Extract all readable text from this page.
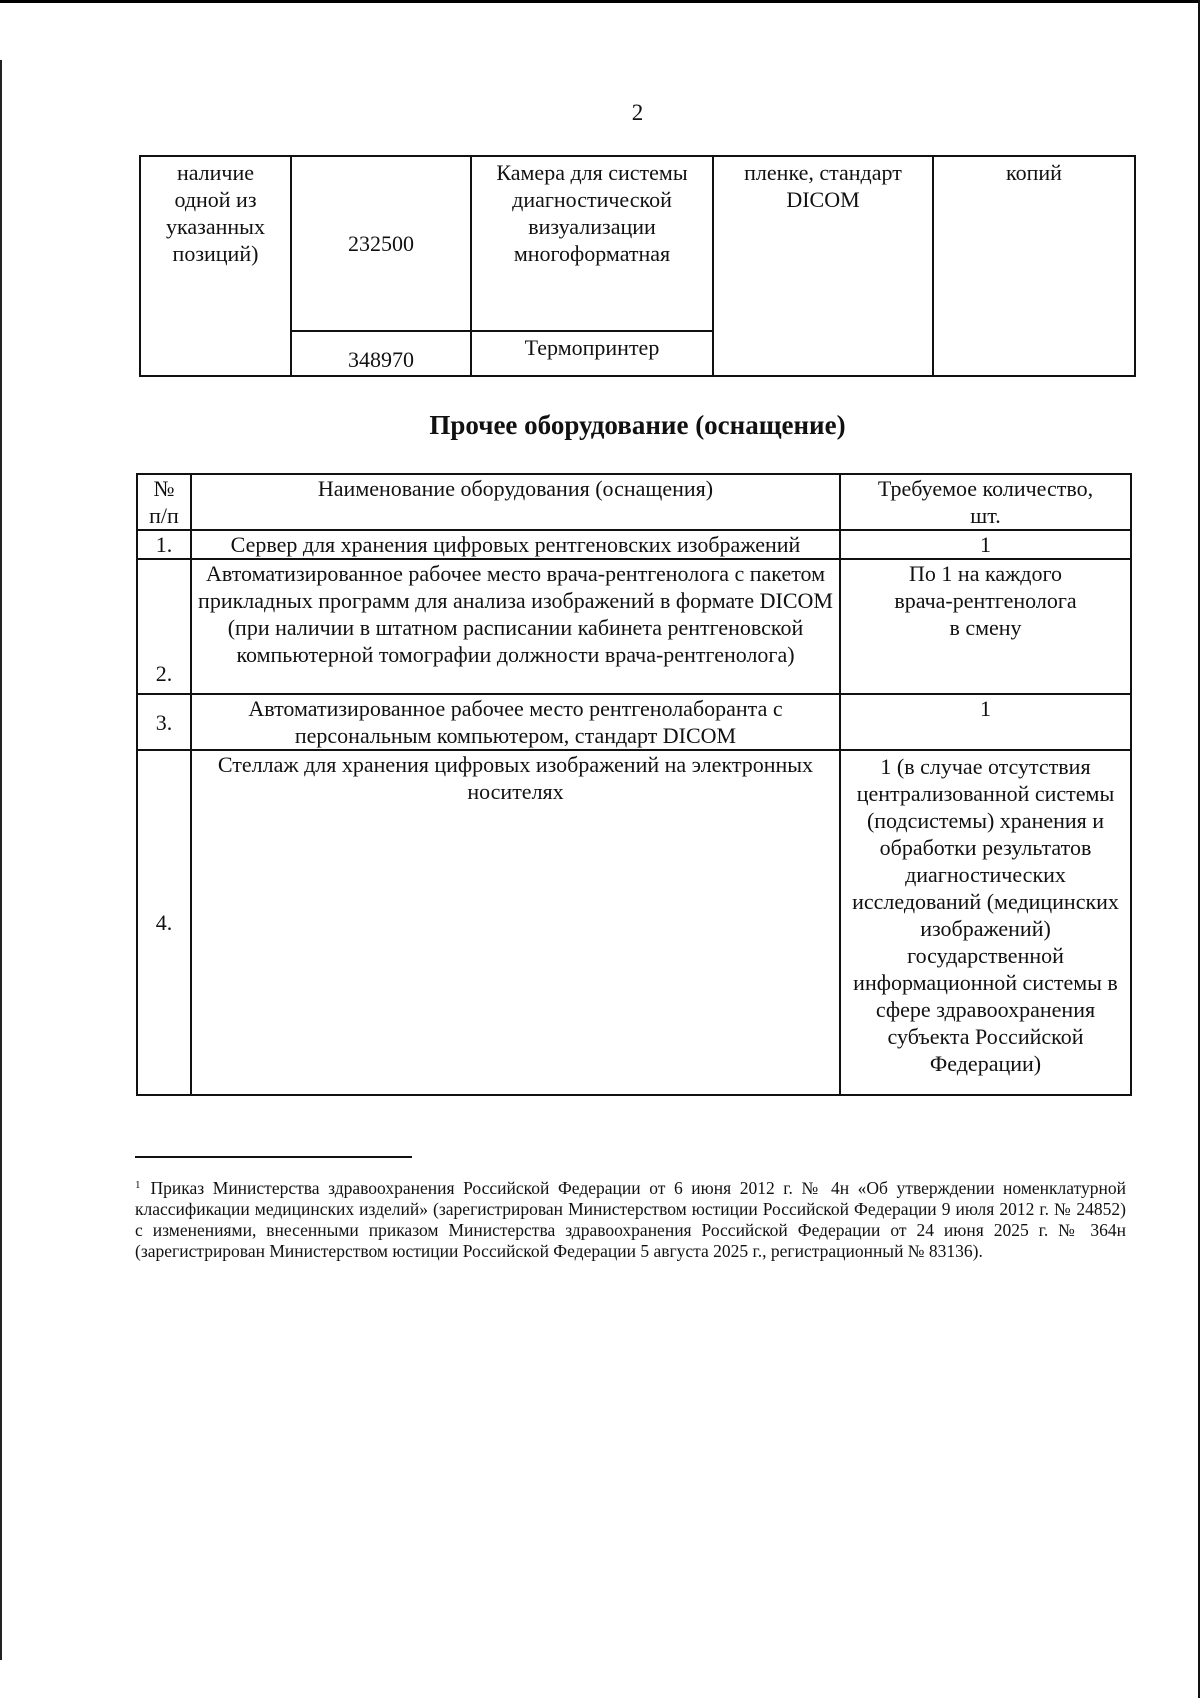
2
наличие одной из указанных позиций)	232500	Камера для системы диагностической визуализации многоформатная	пленке, стандарт DICOM	копий
	348970	Термопринтер		
Прочее оборудование (оснащение)
№ п/п	Наименование оборудования (оснащения)	Требуемое количество, шт.
1.	Сервер для хранения цифровых рентгеновских изображений	1
2.	Автоматизированное рабочее место врача-рентгенолога с пакетом прикладных программ для анализа изображений в формате DICOM (при наличии в штатном расписании кабинета рентгеновской компьютерной томографии должности врача-рентгенолога)	По 1 на каждого врача-рентгенолога в смену
3.	Автоматизированное рабочее место рентгенолаборанта с персональным компьютером, стандарт DICOM	1
4.	Стеллаж для хранения цифровых изображений на электронных носителях	1 (в случае отсутствия централизованной системы (подсистемы) хранения и обработки результатов диагностических исследований (медицинских изображений) государственной информационной системы в сфере здравоохранения субъекта Российской Федерации)
$^1$ Приказ Министерства здравоохранения Российской Федерации от 6 июня 2012 г. № 4н «Об утверждении номенклатурной классификации медицинских изделий» (зарегистрирован Министерством юстиции Российской Федерации 9 июля 2012 г. № 24852) с изменениями, внесенными приказом Министерства здравоохранения Российской Федерации от 24 июня 2025 г. № 364н (зарегистрирован Министерством юстиции Российской Федерации 5 августа 2025 г., регистрационный № 83136).
